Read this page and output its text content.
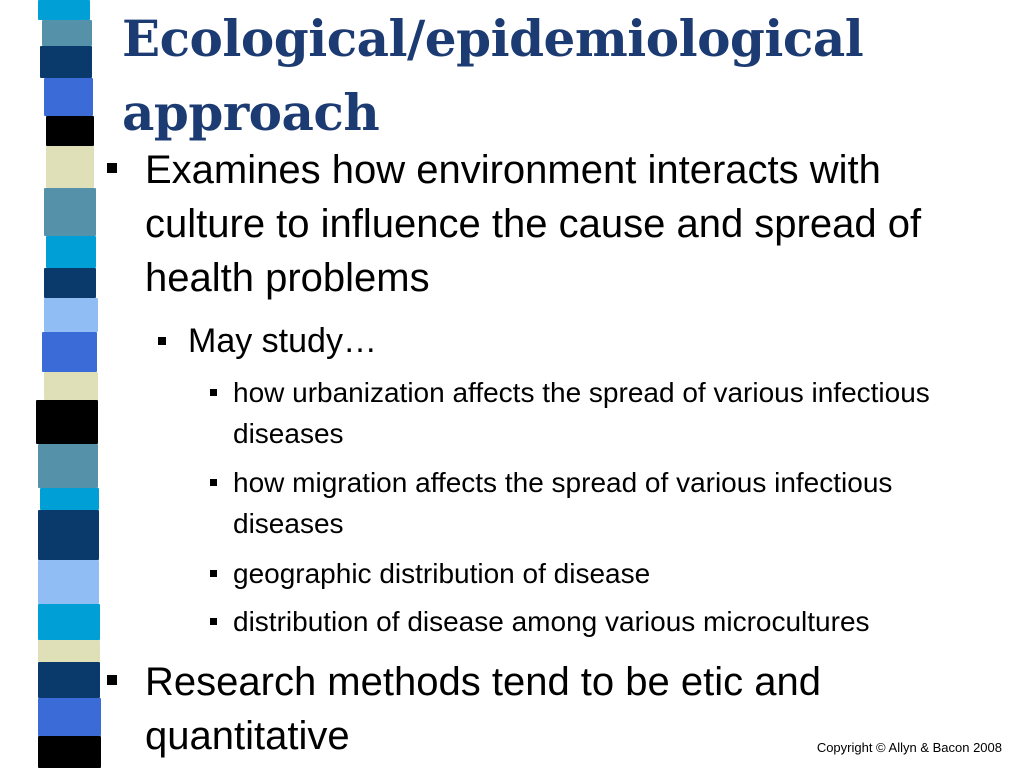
Ecological/epidemiological approach
Examines how environment interacts with culture to influence the cause and spread of health problems
May study…
how urbanization affects the spread of various infectious diseases
how migration affects the spread of various infectious diseases
geographic distribution of disease
distribution of disease among various microcultures
Research methods tend to be etic and quantitative	Copyright © Allyn & Bacon 2008
